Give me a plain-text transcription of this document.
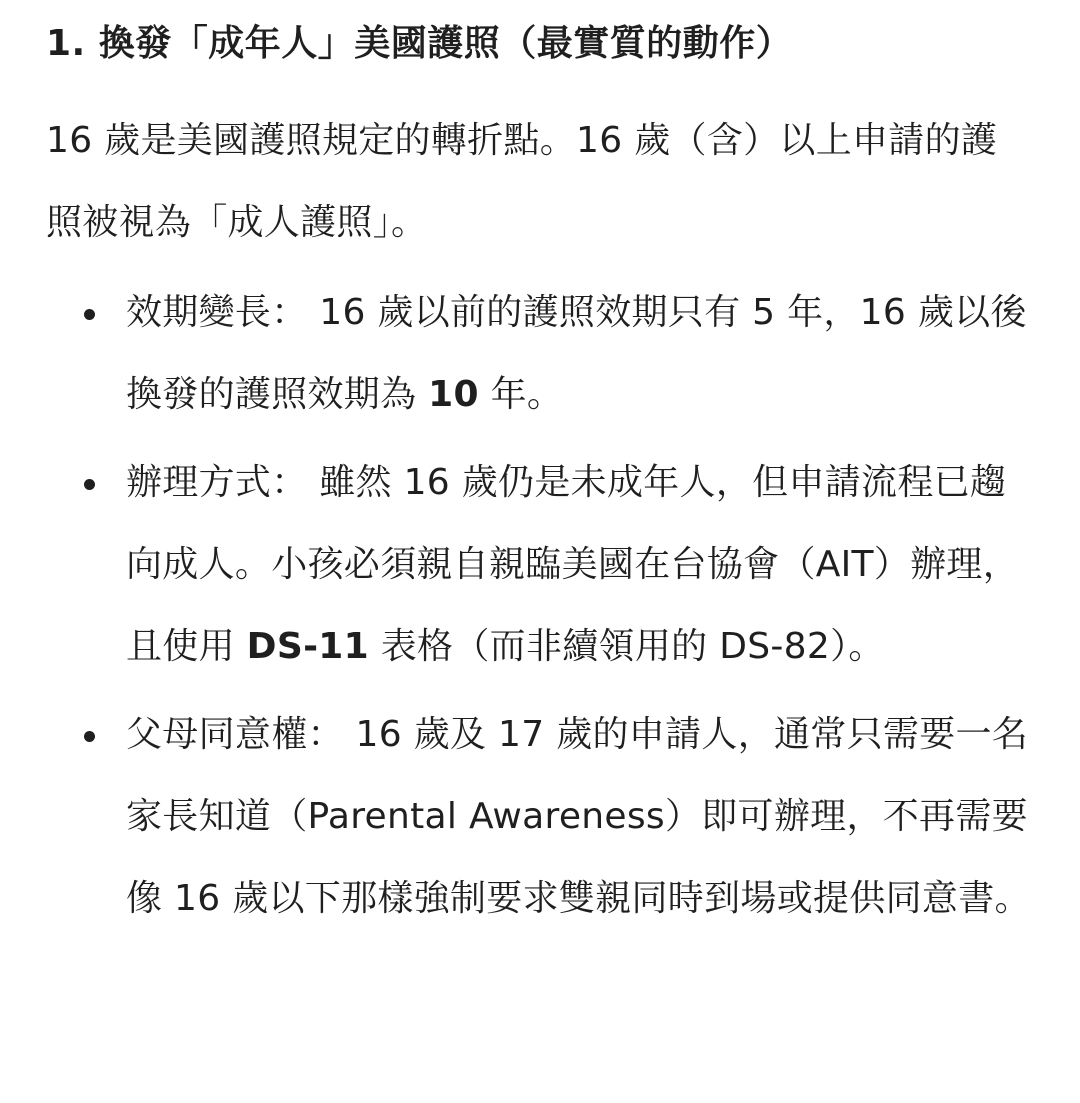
1. 換發「成年人」美國護照（最實質的動作）

16 歲是美國護照規定的轉折點。16 歲（含）以上申請的護照被視為「成人護照」。

效期變長： 16 歲以前的護照效期只有 5 年，16 歲以後換發的護照效期為 10 年。
辦理方式： 雖然 16 歲仍是未成年人，但申請流程已趨向成人。小孩必須親自親臨美國在台協會（AIT）辦理，且使用 DS-11 表格（而非續領用的 DS-82）。
父母同意權： 16 歲及 17 歲的申請人，通常只需要一名家長知道（Parental Awareness）即可辦理，不再需要像 16 歲以下那樣強制要求雙親同時到場或提供同意書。
